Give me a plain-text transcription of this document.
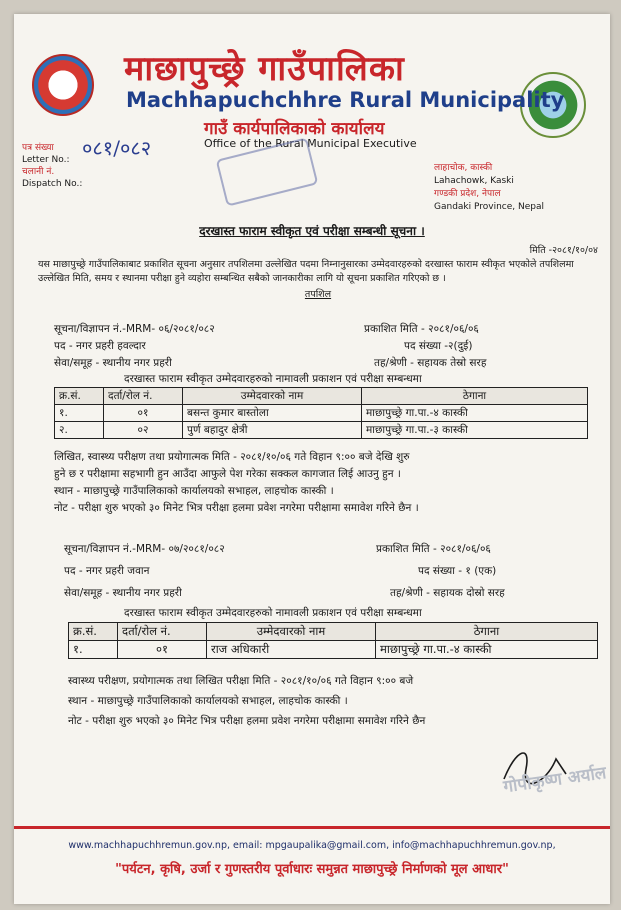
माछापुच्छ्रे गाउँपालिका
Machhapuchchhre Rural Municipality
गाउँ कार्यपालिकाको कार्यालय
Office of the Rural Municipal Executive
पत्र संख्या
Letter No.:
चलानी नं.
Dispatch No.:
०८१/०८२
लाहाचोक, कास्की
Lahachowk, Kaski
गण्डकी प्रदेश, नेपाल
Gandaki Province, Nepal
दरखास्त फाराम स्वीकृत एवं परीक्षा सम्बन्धी सूचना ।
मिति -२०८१/१०/०४
यस माछापुच्छ्रे गाउँपालिकाबाट प्रकाशित सूचना अनुसार तपशिलमा उल्लेखित पदमा निम्नानुसारका उम्मेदवारहरुको दरखास्त फाराम स्वीकृत भएकोले तपशिलमा उल्लेखित मिति, समय र स्थानमा परीक्षा हुने व्यहोरा सम्बन्धित सबैको जानकारीका लागि यो सूचना प्रकाशित गरिएको छ ।
तपशिल
सूचना/विज्ञापन नं.-MRM- ०६/२०८१/०८२	प्रकाशित मिति - २०८१/०६/०६
पद - नगर प्रहरी हवल्दार	पद संख्या -२(दुई)
सेवा/समूह - स्थानीय नगर प्रहरी	तह/श्रेणी - सहायक तेस्रो सरह
दरखास्त फाराम स्वीकृत उम्मेदवारहरुको नामावली प्रकाशन एवं परीक्षा सम्बन्धमा
क्र.सं.	दर्ता/रोल नं.	उम्मेदवारको नाम	ठेगाना
१.	०१	बसन्त कुमार बास्तोला	माछापुच्छ्रे गा.पा.-४ कास्की
२.	०२	पुर्ण बहादुर क्षेत्री	माछापुच्छ्रे गा.पा.-३ कास्की
लिखित, स्वास्थ्य परीक्षण तथा प्रयोगात्मक मिति - २०८१/१०/०६ गते विहान ९:०० बजे देखि शुरु
हुने छ र परीक्षामा सहभागी हुन आउँदा आफुले पेश गरेका सक्कल कागजात लिई आउनु हुन ।
स्थान - माछापुच्छ्रे गाउँपालिकाको कार्यालयको सभाहल, लाहचोक कास्की ।
नोट - परीक्षा शुरु भएको ३० मिनेट भित्र परीक्षा हलमा प्रवेश नगरेमा परीक्षामा समावेश गरिने छैन ।
सूचना/विज्ञापन नं.-MRM- ०७/२०८१/०८२	प्रकाशित मिति - २०८१/०६/०६
पद - नगर प्रहरी जवान	पद संख्या - १ (एक)
सेवा/समूह - स्थानीय नगर प्रहरी	तह/श्रेणी - सहायक दोस्रो सरह
दरखास्त फाराम स्वीकृत उम्मेदवारहरुको नामावली प्रकाशन एवं परीक्षा सम्बन्धमा
क्र.सं.	दर्ता/रोल नं.	उम्मेदवारको नाम	ठेगाना
१.	०१	राज अधिकारी	माछापुच्छ्रे गा.पा.-४ कास्की
स्वास्थ्य परीक्षण, प्रयोगात्मक तथा लिखित परीक्षा मिति - २०८१/१०/०६ गते विहान ९:०० बजे
स्थान - माछापुच्छ्रे गाउँपालिकाको कार्यालयको सभाहल, लाहचोक कास्की ।
नोट - परीक्षा शुरु भएको ३० मिनेट भित्र परीक्षा हलमा प्रवेश नगरेमा परीक्षामा समावेश गरिने छैन
गोपीकृष्ण अर्याल
www.machhapuchhremun.gov.np, email: mpgaupalika@gmail.com, info@machhapuchhremun.gov.np,
"पर्यटन, कृषि, उर्जा र गुणस्तरीय पूर्वाधारः समुन्नत माछापुच्छ्रे निर्माणको मूल आधार"
